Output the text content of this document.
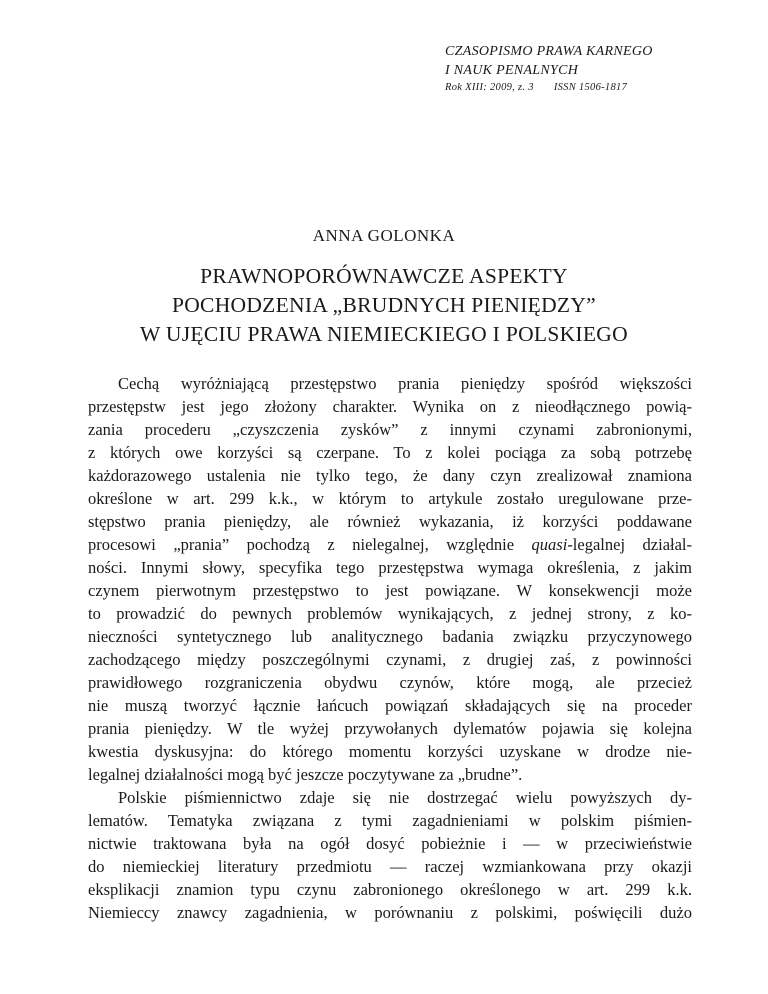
CZASOPISMO PRAWA KARNEGO
I NAUK PENALNYCH
Rok XIII: 2009, z. 3 ISSN 1506-1817
ANNA GOLONKA
PRAWNOPORÓWNAWCZE ASPEKTY
POCHODZENIA „BRUDNYCH PIENIĘDZY”
W UJĘCIU PRAWA NIEMIECKIEGO I POLSKIEGO

Cechą wyróżniającą przestępstwo prania pieniędzy spośród większości
przestępstw jest jego złożony charakter. Wynika on z nieodłącznego powią-
zania procederu „czyszczenia zysków” z innymi czynami zabronionymi,
z których owe korzyści są czerpane. To z kolei pociąga za sobą potrzebę
każdorazowego ustalenia nie tylko tego, że dany czyn zrealizował znamiona
określone w art. 299 k.k., w którym to artykule zostało uregulowane prze-
stępstwo prania pieniędzy, ale również wykazania, iż korzyści poddawane
procesowi „prania” pochodzą z nielegalnej, względnie quasi-legalnej działal-
ności. Innymi słowy, specyfika tego przestępstwa wymaga określenia, z jakim
czynem pierwotnym przestępstwo to jest powiązane. W konsekwencji może
to prowadzić do pewnych problemów wynikających, z jednej strony, z ko-
nieczności syntetycznego lub analitycznego badania związku przyczynowego
zachodzącego między poszczególnymi czynami, z drugiej zaś, z powinności
prawidłowego rozgraniczenia obydwu czynów, które mogą, ale przecież
nie muszą tworzyć łącznie łańcuch powiązań składających się na proceder
prania pieniędzy. W tle wyżej przywołanych dylematów pojawia się kolejna
kwestia dyskusyjna: do którego momentu korzyści uzyskane w drodze nie-
legalnej działalności mogą być jeszcze poczytywane za „brudne”.

Polskie piśmiennictwo zdaje się nie dostrzegać wielu powyższych dy-
lematów. Tematyka związana z tymi zagadnieniami w polskim piśmien-
nictwie traktowana była na ogół dosyć pobieżnie i — w przeciwieństwie
do niemieckiej literatury przedmiotu — raczej wzmiankowana przy okazji
eksplikacji znamion typu czynu zabronionego określonego w art. 299 k.k.
Niemieccy znawcy zagadnienia, w porównaniu z polskimi, poświęcili dużo
